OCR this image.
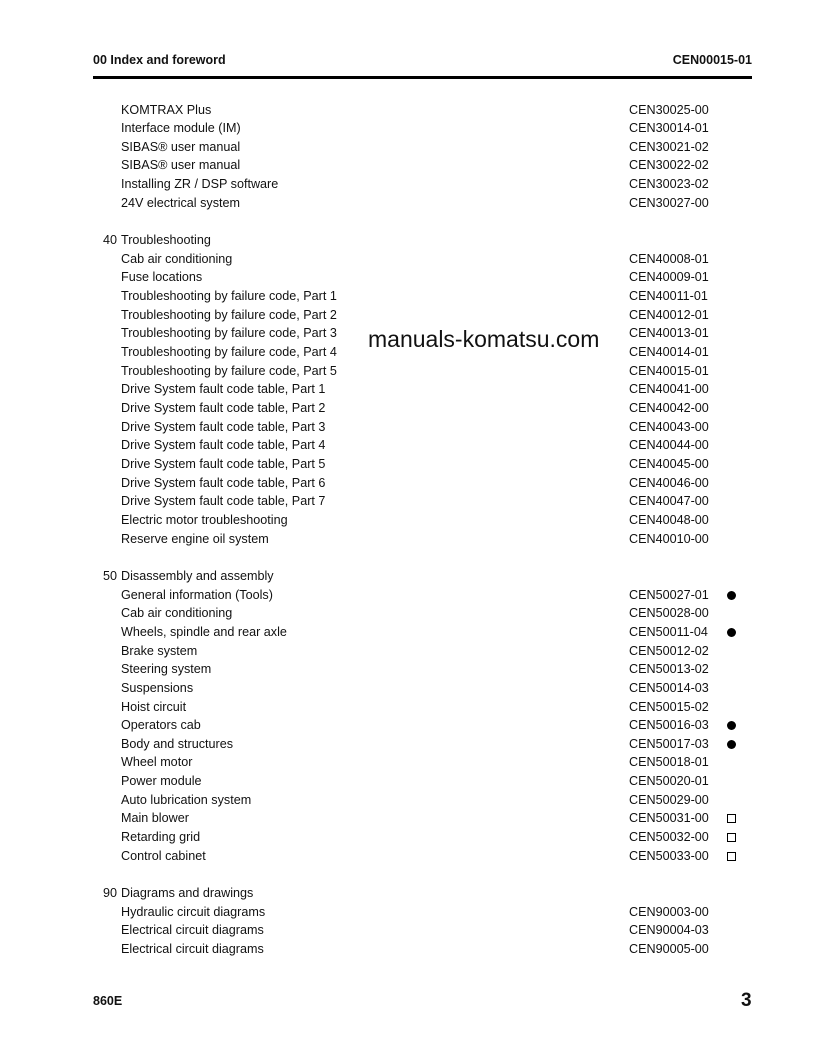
00 Index and foreword	CEN00015-01
KOMTRAX Plus	CEN30025-00
Interface module (IM)	CEN30014-01
SIBAS® user manual	CEN30021-02
SIBAS® user manual	CEN30022-02
Installing ZR / DSP software	CEN30023-02
24V electrical system	CEN30027-00
40 Troubleshooting
Cab air conditioning	CEN40008-01
Fuse locations	CEN40009-01
Troubleshooting by failure code, Part 1	CEN40011-01
Troubleshooting by failure code, Part 2	CEN40012-01
Troubleshooting by failure code, Part 3	CEN40013-01
Troubleshooting by failure code, Part 4	CEN40014-01
Troubleshooting by failure code, Part 5	CEN40015-01
Drive System fault code table, Part 1	CEN40041-00
Drive System fault code table, Part 2	CEN40042-00
Drive System fault code table, Part 3	CEN40043-00
Drive System fault code table, Part 4	CEN40044-00
Drive System fault code table, Part 5	CEN40045-00
Drive System fault code table, Part 6	CEN40046-00
Drive System fault code table, Part 7	CEN40047-00
Electric motor troubleshooting	CEN40048-00
Reserve engine oil system	CEN40010-00
50 Disassembly and assembly
General information (Tools)	CEN50027-01
Cab air conditioning	CEN50028-00
Wheels, spindle and rear axle	CEN50011-04
Brake system	CEN50012-02
Steering system	CEN50013-02
Suspensions	CEN50014-03
Hoist circuit	CEN50015-02
Operators cab	CEN50016-03
Body and structures	CEN50017-03
Wheel motor	CEN50018-01
Power module	CEN50020-01
Auto lubrication system	CEN50029-00
Main blower	CEN50031-00
Retarding grid	CEN50032-00
Control cabinet	CEN50033-00
90 Diagrams and drawings
Hydraulic circuit diagrams	CEN90003-00
Electrical circuit diagrams	CEN90004-03
Electrical circuit diagrams	CEN90005-00
manuals-komatsu.com
860E	3
